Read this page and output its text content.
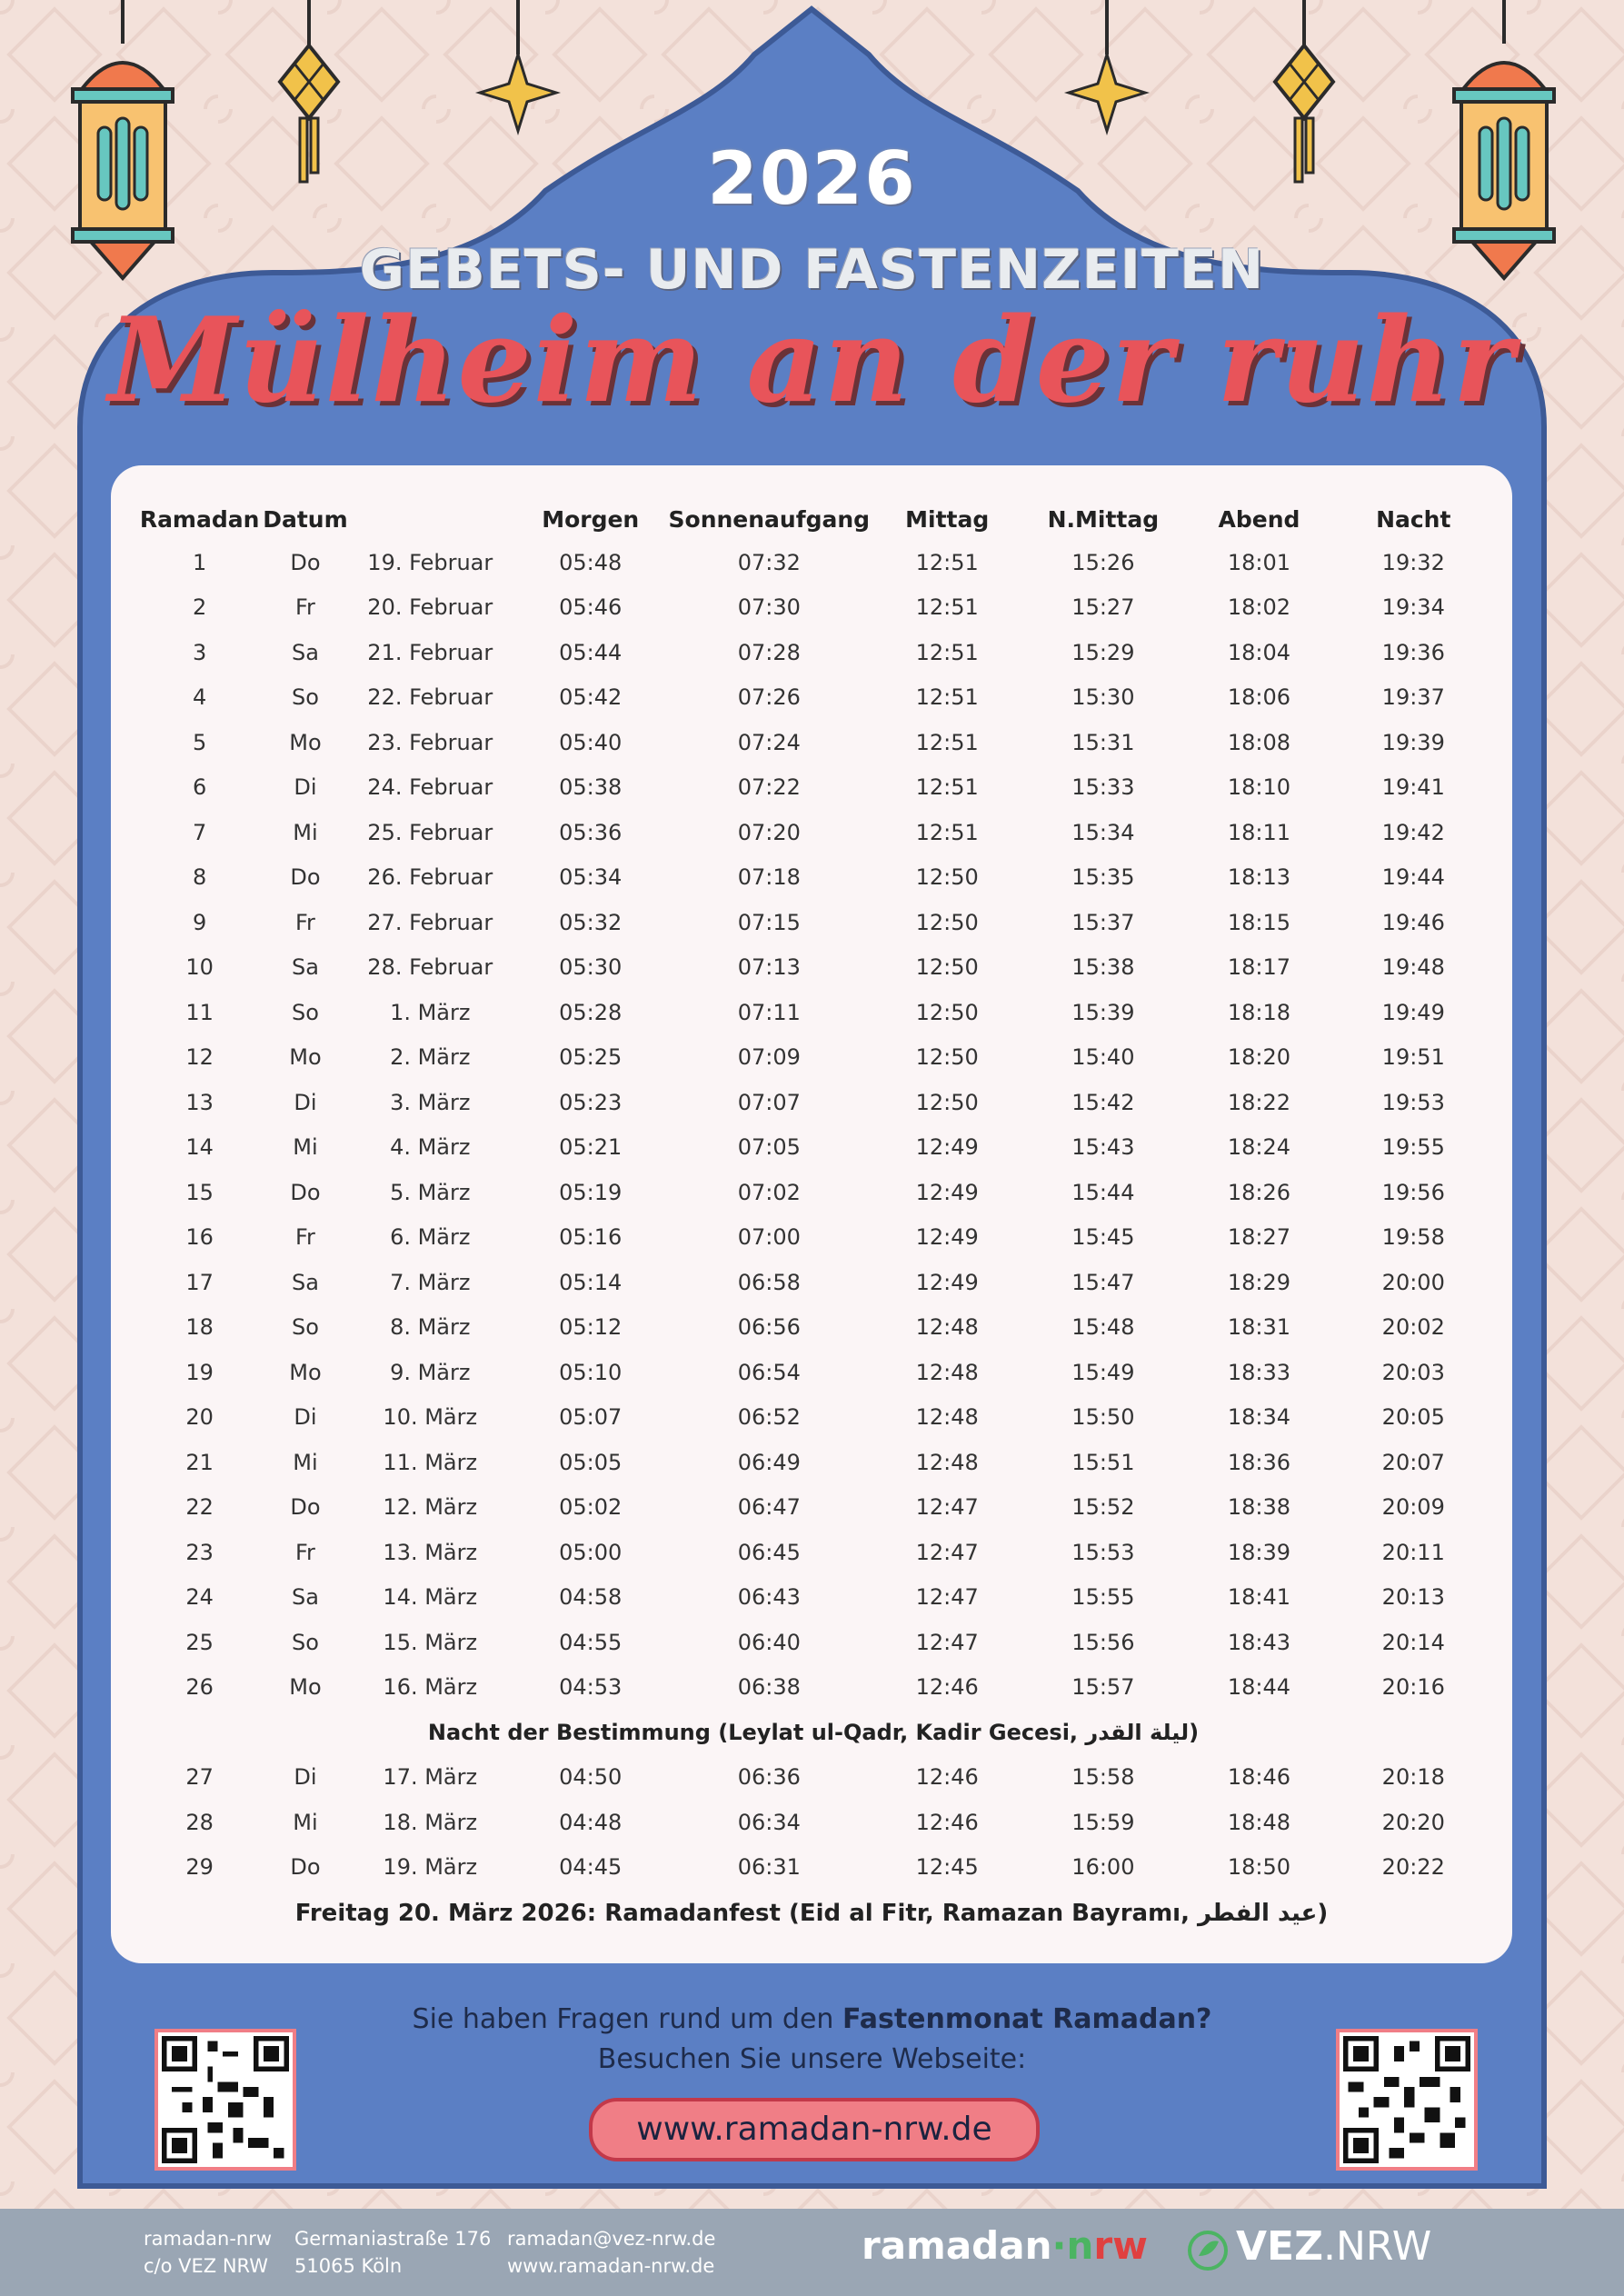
2026
GEBETS- UND FASTENZEITEN
Mülheim an der ruhr
Ramadan	Datum		Morgen	Sonnenaufgang	Mittag	N.Mittag	Abend	Nacht
1	Do	19. Februar	05:48	07:32	12:51	15:26	18:01	19:32
2	Fr	20. Februar	05:46	07:30	12:51	15:27	18:02	19:34
3	Sa	21. Februar	05:44	07:28	12:51	15:29	18:04	19:36
4	So	22. Februar	05:42	07:26	12:51	15:30	18:06	19:37
5	Mo	23. Februar	05:40	07:24	12:51	15:31	18:08	19:39
6	Di	24. Februar	05:38	07:22	12:51	15:33	18:10	19:41
7	Mi	25. Februar	05:36	07:20	12:51	15:34	18:11	19:42
8	Do	26. Februar	05:34	07:18	12:50	15:35	18:13	19:44
9	Fr	27. Februar	05:32	07:15	12:50	15:37	18:15	19:46
10	Sa	28. Februar	05:30	07:13	12:50	15:38	18:17	19:48
11	So	1. März	05:28	07:11	12:50	15:39	18:18	19:49
12	Mo	2. März	05:25	07:09	12:50	15:40	18:20	19:51
13	Di	3. März	05:23	07:07	12:50	15:42	18:22	19:53
14	Mi	4. März	05:21	07:05	12:49	15:43	18:24	19:55
15	Do	5. März	05:19	07:02	12:49	15:44	18:26	19:56
16	Fr	6. März	05:16	07:00	12:49	15:45	18:27	19:58
17	Sa	7. März	05:14	06:58	12:49	15:47	18:29	20:00
18	So	8. März	05:12	06:56	12:48	15:48	18:31	20:02
19	Mo	9. März	05:10	06:54	12:48	15:49	18:33	20:03
20	Di	10. März	05:07	06:52	12:48	15:50	18:34	20:05
21	Mi	11. März	05:05	06:49	12:48	15:51	18:36	20:07
22	Do	12. März	05:02	06:47	12:47	15:52	18:38	20:09
23	Fr	13. März	05:00	06:45	12:47	15:53	18:39	20:11
24	Sa	14. März	04:58	06:43	12:47	15:55	18:41	20:13
25	So	15. März	04:55	06:40	12:47	15:56	18:43	20:14
26	Mo	16. März	04:53	06:38	12:46	15:57	18:44	20:16
Nacht der Bestimmung (Leylat ul-Qadr, Kadir Gecesi, ليلة القدر)								
27	Di	17. März	04:50	06:36	12:46	15:58	18:46	20:18
28	Mi	18. März	04:48	06:34	12:46	15:59	18:48	20:20
29	Do	19. März	04:45	06:31	12:45	16:00	18:50	20:22
Freitag 20. März 2026: Ramadanfest (Eid al Fitr, Ramazan Bayramı, عيد الفطر)
Sie haben Fragen rund um den Fastenmonat Ramadan?
Besuchen Sie unsere Webseite:
www.ramadan-nrw.de
ramadan-nrw
c/o VEZ NRW
Germaniastraße 176
51065 Köln
ramadan@vez-nrw.de
www.ramadan-nrw.de	ramadan·nrw VEZ.NRW
